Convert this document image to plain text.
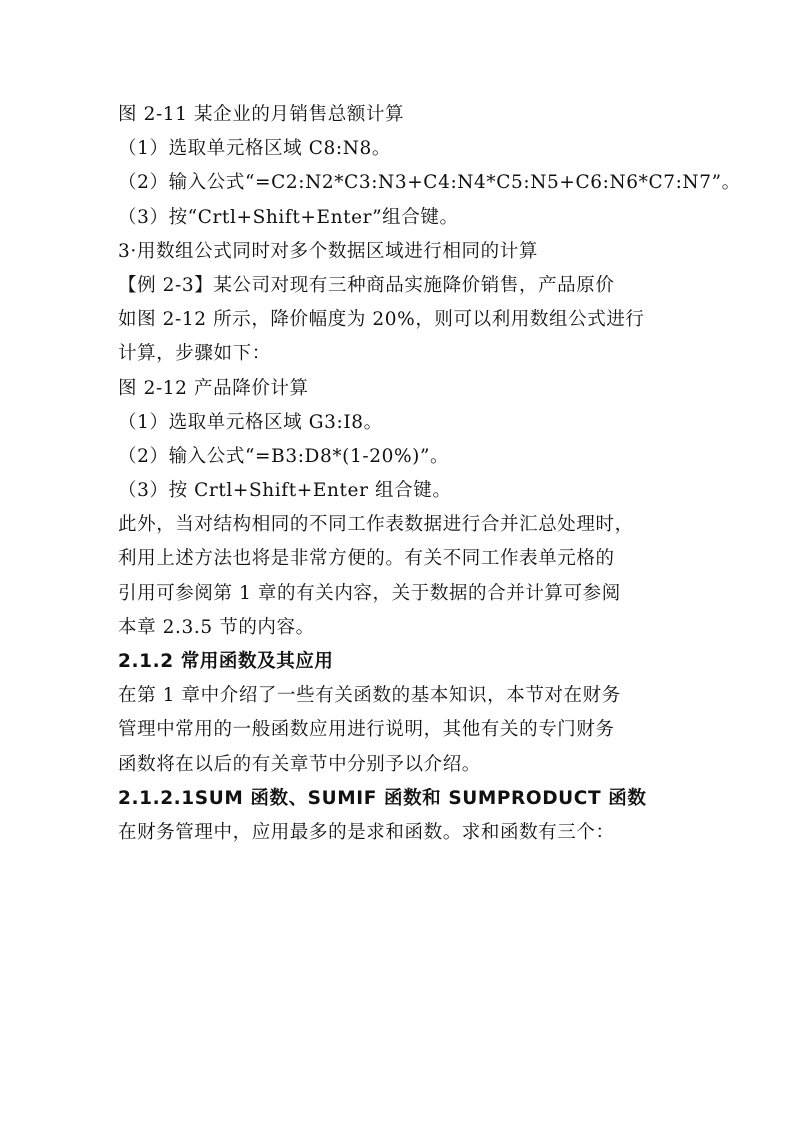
图 2-11 某企业的月销售总额计算
（1）选取单元格区域 C8:N8。
（2）输入公式“=C2:N2*C3:N3+C4:N4*C5:N5+C6:N6*C7:N7”。
（3）按“Crtl+Shift+Enter”组合键。
3·用数组公式同时对多个数据区域进行相同的计算
【例 2-3】某公司对现有三种商品实施降价销售，产品原价
如图 2-12 所示，降价幅度为 20%，则可以利用数组公式进行
计算，步骤如下：
图 2-12 产品降价计算
（1）选取单元格区域 G3:I8。
（2）输入公式“=B3:D8*(1-20%)”。
（3）按 Crtl+Shift+Enter 组合键。
此外，当对结构相同的不同工作表数据进行合并汇总处理时，
利用上述方法也将是非常方便的。有关不同工作表单元格的
引用可参阅第 1 章的有关内容，关于数据的合并计算可参阅
本章 2.3.5 节的内容。
2.1.2 常用函数及其应用
在第 1 章中介绍了一些有关函数的基本知识，本节对在财务
管理中常用的一般函数应用进行说明，其他有关的专门财务
函数将在以后的有关章节中分别予以介绍。
2.1.2.1SUM 函数、SUMIF 函数和 SUMPRODUCT 函数
在财务管理中，应用最多的是求和函数。求和函数有三个：
